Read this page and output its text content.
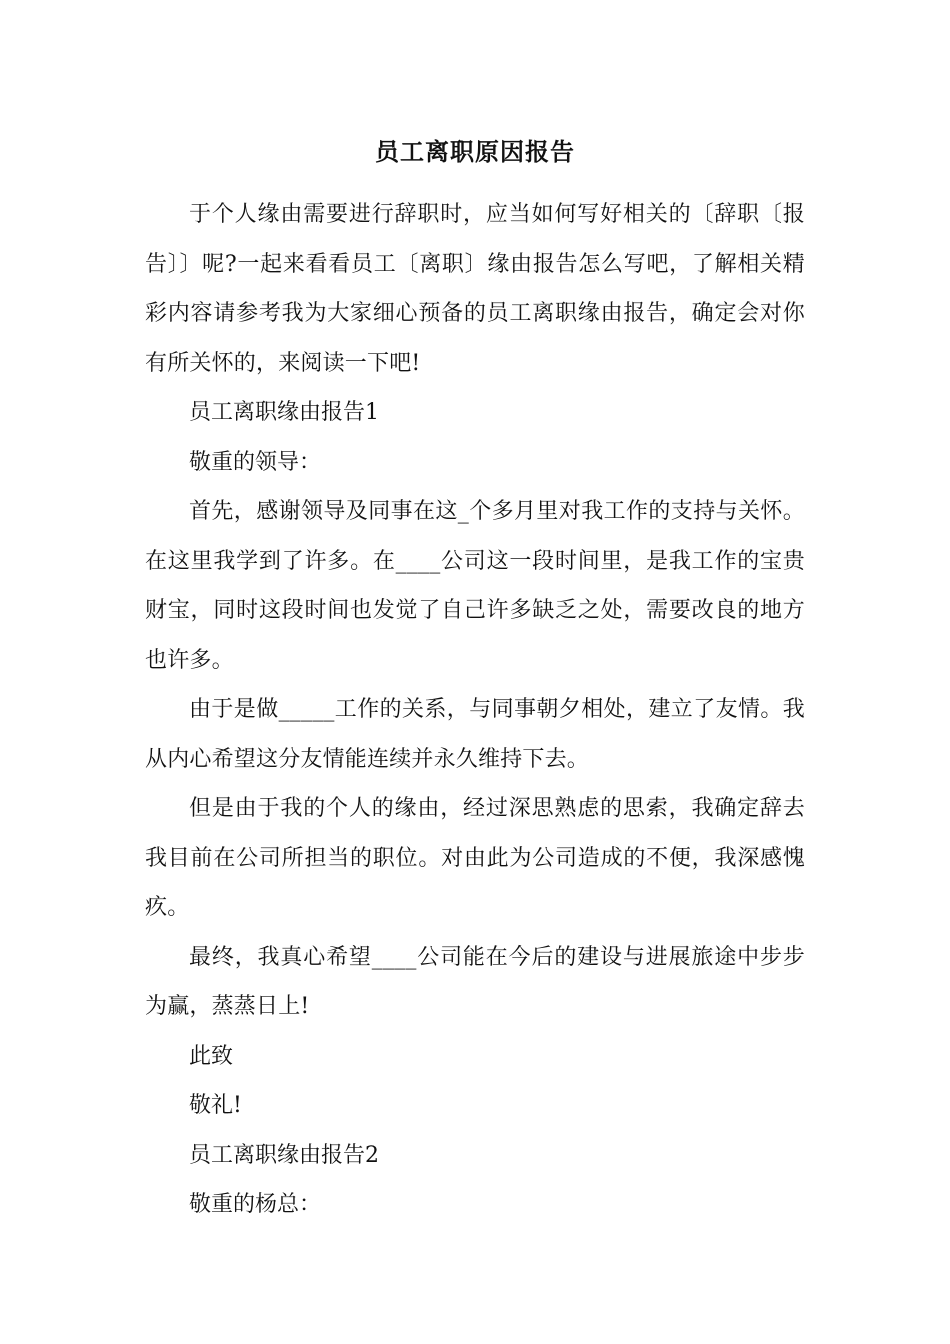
员工离职原因报告

于个人缘由需要进行辞职时，应当如何写好相关的〔辞职〔报告〕〕呢?一起来看看员工〔离职〕缘由报告怎么写吧，了解相关精彩内容请参考我为大家细心预备的员工离职缘由报告，确定会对你有所关怀的，来阅读一下吧!

员工离职缘由报告1

敬重的领导：

首先，感谢领导及同事在这_个多月里对我工作的支持与关怀。在这里我学到了许多。在____公司这一段时间里，是我工作的宝贵财宝，同时这段时间也发觉了自己许多缺乏之处，需要改良的地方也许多。

由于是做_____工作的关系，与同事朝夕相处，建立了友情。我从内心希望这分友情能连续并永久维持下去。

但是由于我的个人的缘由，经过深思熟虑的思索，我确定辞去我目前在公司所担当的职位。对由此为公司造成的不便，我深感愧疚。

最终，我真心希望____公司能在今后的建设与进展旅途中步步为赢，蒸蒸日上!

此致

敬礼!

员工离职缘由报告2

敬重的杨总：
